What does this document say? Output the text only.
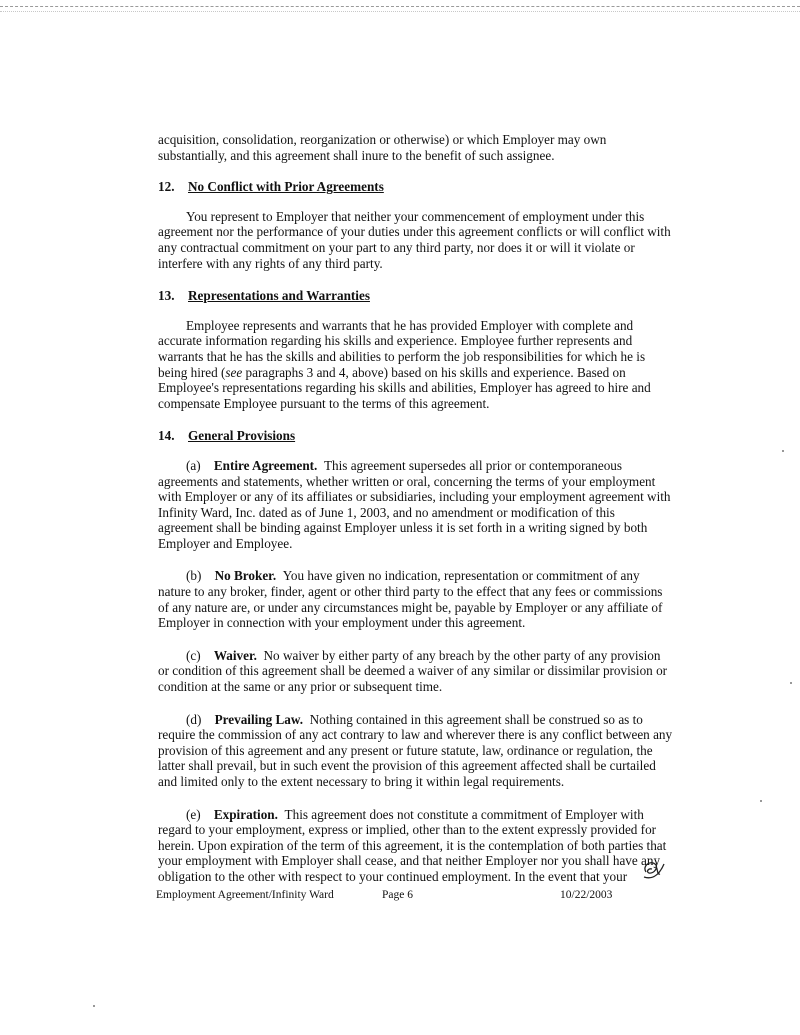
acquisition, consolidation, reorganization or otherwise) or which Employer may own substantially, and this agreement shall inure to the benefit of such assignee.

12. No Conflict with Prior Agreements

You represent to Employer that neither your commencement of employment under this agreement nor the performance of your duties under this agreement conflicts or will conflict with any contractual commitment on your part to any third party, nor does it or will it violate or interfere with any rights of any third party.

13. Representations and Warranties

Employee represents and warrants that he has provided Employer with complete and accurate information regarding his skills and experience. Employee further represents and warrants that he has the skills and abilities to perform the job responsibilities for which he is being hired (see paragraphs 3 and 4, above) based on his skills and experience. Based on Employee's representations regarding his skills and abilities, Employer has agreed to hire and compensate Employee pursuant to the terms of this agreement.

14. General Provisions

(a) Entire Agreement. This agreement supersedes all prior or contemporaneous agreements and statements, whether written or oral, concerning the terms of your employment with Employer or any of its affiliates or subsidiaries, including your employment agreement with Infinity Ward, Inc. dated as of June 1, 2003, and no amendment or modification of this agreement shall be binding against Employer unless it is set forth in a writing signed by both Employer and Employee.

(b) No Broker. You have given no indication, representation or commitment of any nature to any broker, finder, agent or other third party to the effect that any fees or commissions of any nature are, or under any circumstances might be, payable by Employer or any affiliate of Employer in connection with your employment under this agreement.

(c) Waiver. No waiver by either party of any breach by the other party of any provision or condition of this agreement shall be deemed a waiver of any similar or dissimilar provision or condition at the same or any prior or subsequent time.

(d) Prevailing Law. Nothing contained in this agreement shall be construed so as to require the commission of any act contrary to law and wherever there is any conflict between any provision of this agreement and any present or future statute, law, ordinance or regulation, the latter shall prevail, but in such event the provision of this agreement affected shall be curtailed and limited only to the extent necessary to bring it within legal requirements.

(e) Expiration. This agreement does not constitute a commitment of Employer with regard to your employment, express or implied, other than to the extent expressly provided for herein. Upon expiration of the term of this agreement, it is the contemplation of both parties that your employment with Employer shall cease, and that neither Employer nor you shall have any obligation to the other with respect to your continued employment. In the event that your

Employment Agreement/Infinity Ward	Page 6	10/22/2003
